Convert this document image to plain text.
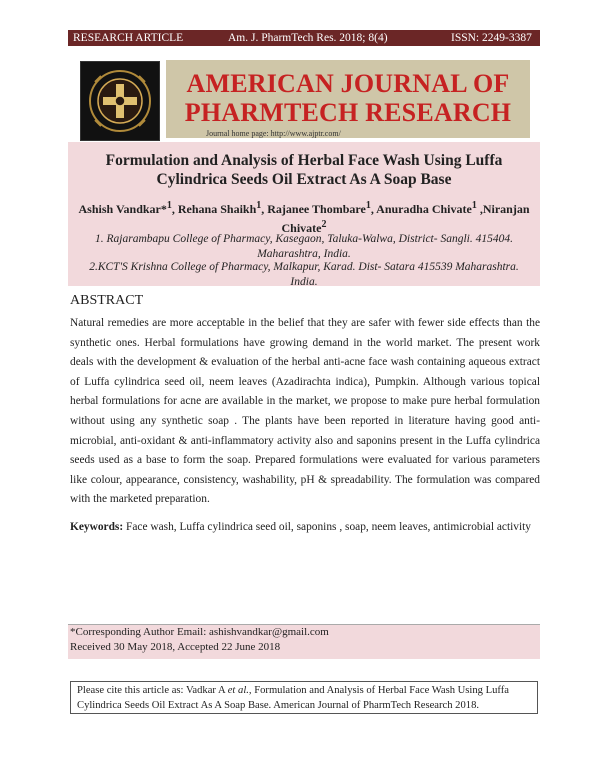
RESEARCH ARTICLE	Am. J. PharmTech Res. 2018; 8(4)	ISSN: 2249-3387
AMERICAN JOURNAL OF
PHARMTECH RESEARCH
Journal home page: http://www.ajptr.com/
Formulation and Analysis of Herbal Face Wash Using Luffa Cylindrica Seeds Oil Extract As A Soap Base
Ashish Vandkar*$^1$, Rehana Shaikh$^1$, Rajanee Thombare$^1$, Anuradha Chivate$^1$ ,Niranjan Chivate$^2$
1. Rajarambapu College of Pharmacy, Kasegaon, Taluka-Walwa, District- Sangli. 415404. Maharashtra, India.
2.KCT'S Krishna College of Pharmacy, Malkapur, Karad. Dist- Satara 415539 Maharashtra. India.
ABSTRACT
Natural remedies are more acceptable in the belief that they are safer with fewer side effects than the synthetic ones. Herbal formulations have growing demand in the world market. The present work deals with the development & evaluation of the herbal anti-acne face wash containing aqueous extract of Luffa cylindrica seed oil, neem leaves (Azadirachta indica), Pumpkin. Although various topical herbal formulations for acne are available in the market, we propose to make pure herbal formulation without using any synthetic soap . The plants have been reported in literature having good anti-microbial, anti-oxidant & anti-inflammatory activity also and saponins present in the Luffa cylindrica seeds used as a base to form the soap. Prepared formulations were evaluated for various parameters like colour, appearance, consistency, washability, pH & spreadability. The formulation was compared with the marketed preparation.
Keywords: Face wash, Luffa cylindrica seed oil, saponins , soap, neem leaves, antimicrobial activity
*Corresponding Author Email: ashishvandkar@gmail.com
Received 30 May 2018, Accepted 22 June 2018
Please cite this article as: Vadkar A et al., Formulation and Analysis of Herbal Face Wash Using Luffa Cylindrica Seeds Oil Extract As A Soap Base. American Journal of PharmTech Research 2018.
